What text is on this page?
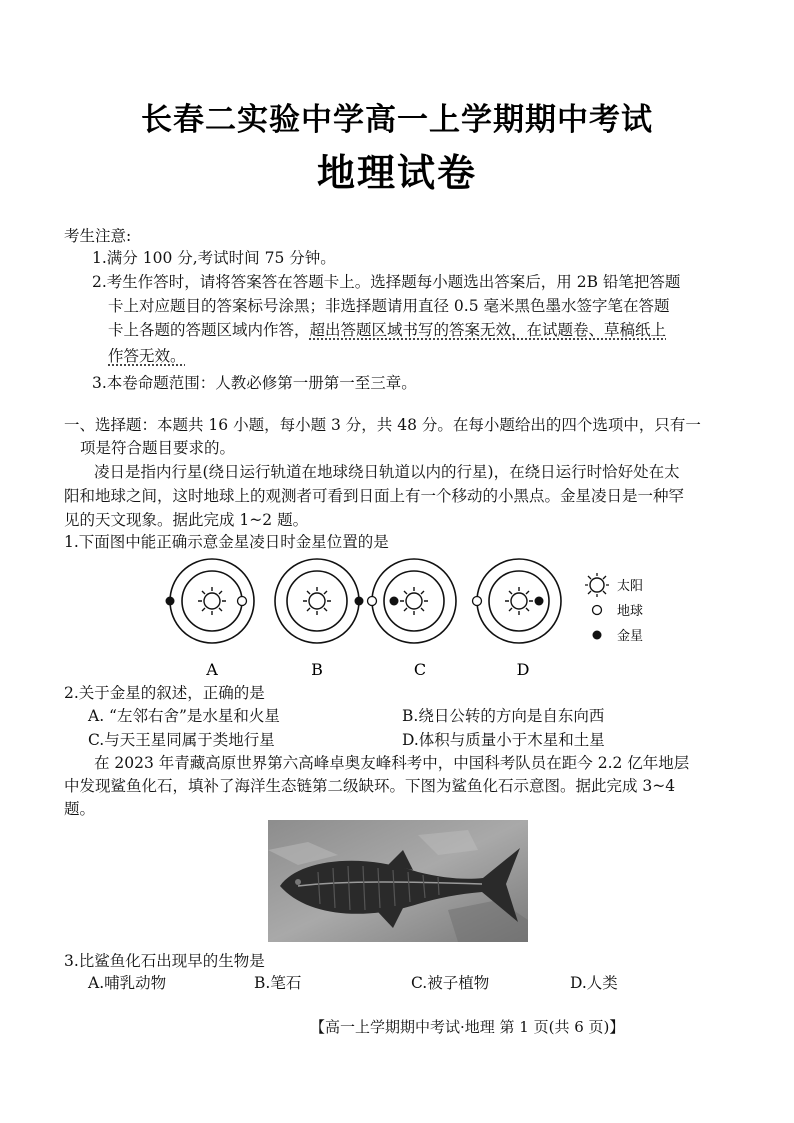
长春二实验中学高一上学期期中考试
地理试卷
考生注意:
1.满分 100 分,考试时间 75 分钟。
2.考生作答时，请将答案答在答题卡上。选择题每小题选出答案后，用 2B 铅笔把答题
卡上对应题目的答案标号涂黑；非选择题请用直径 0.5 毫米黑色墨水签字笔在答题
卡上各题的答题区域内作答，超出答题区域书写的答案无效，在试题卷、草稿纸上
作答无效。
3.本卷命题范围：人教必修第一册第一至三章。
一、选择题：本题共 16 小题，每小题 3 分，共 48 分。在每小题给出的四个选项中，只有一
项是符合题目要求的。
凌日是指内行星(绕日运行轨道在地球绕日轨道以内的行星)，在绕日运行时恰好处在太
阳和地球之间，这时地球上的观测者可看到日面上有一个移动的小黑点。金星凌日是一种罕
见的天文现象。据此完成 1~2 题。
1.下面图中能正确示意金星凌日时金星位置的是
A	B	C	D
太阳
地球
金星
2.关于金星的叙述，正确的是
A. “左邻右舍”是水星和火星	B.绕日公转的方向是自东向西
C.与天王星同属于类地行星	D.体积与质量小于木星和土星
在 2023 年青藏高原世界第六高峰卓奥友峰科考中，中国科考队员在距今 2.2 亿年地层
中发现鲨鱼化石，填补了海洋生态链第二级缺环。下图为鲨鱼化石示意图。据此完成 3~4
题。
3.比鲨鱼化石出现早的生物是
A.哺乳动物	B.笔石	C.被子植物	D.人类
【高一上学期期中考试·地理 第 1 页(共 6 页)】
